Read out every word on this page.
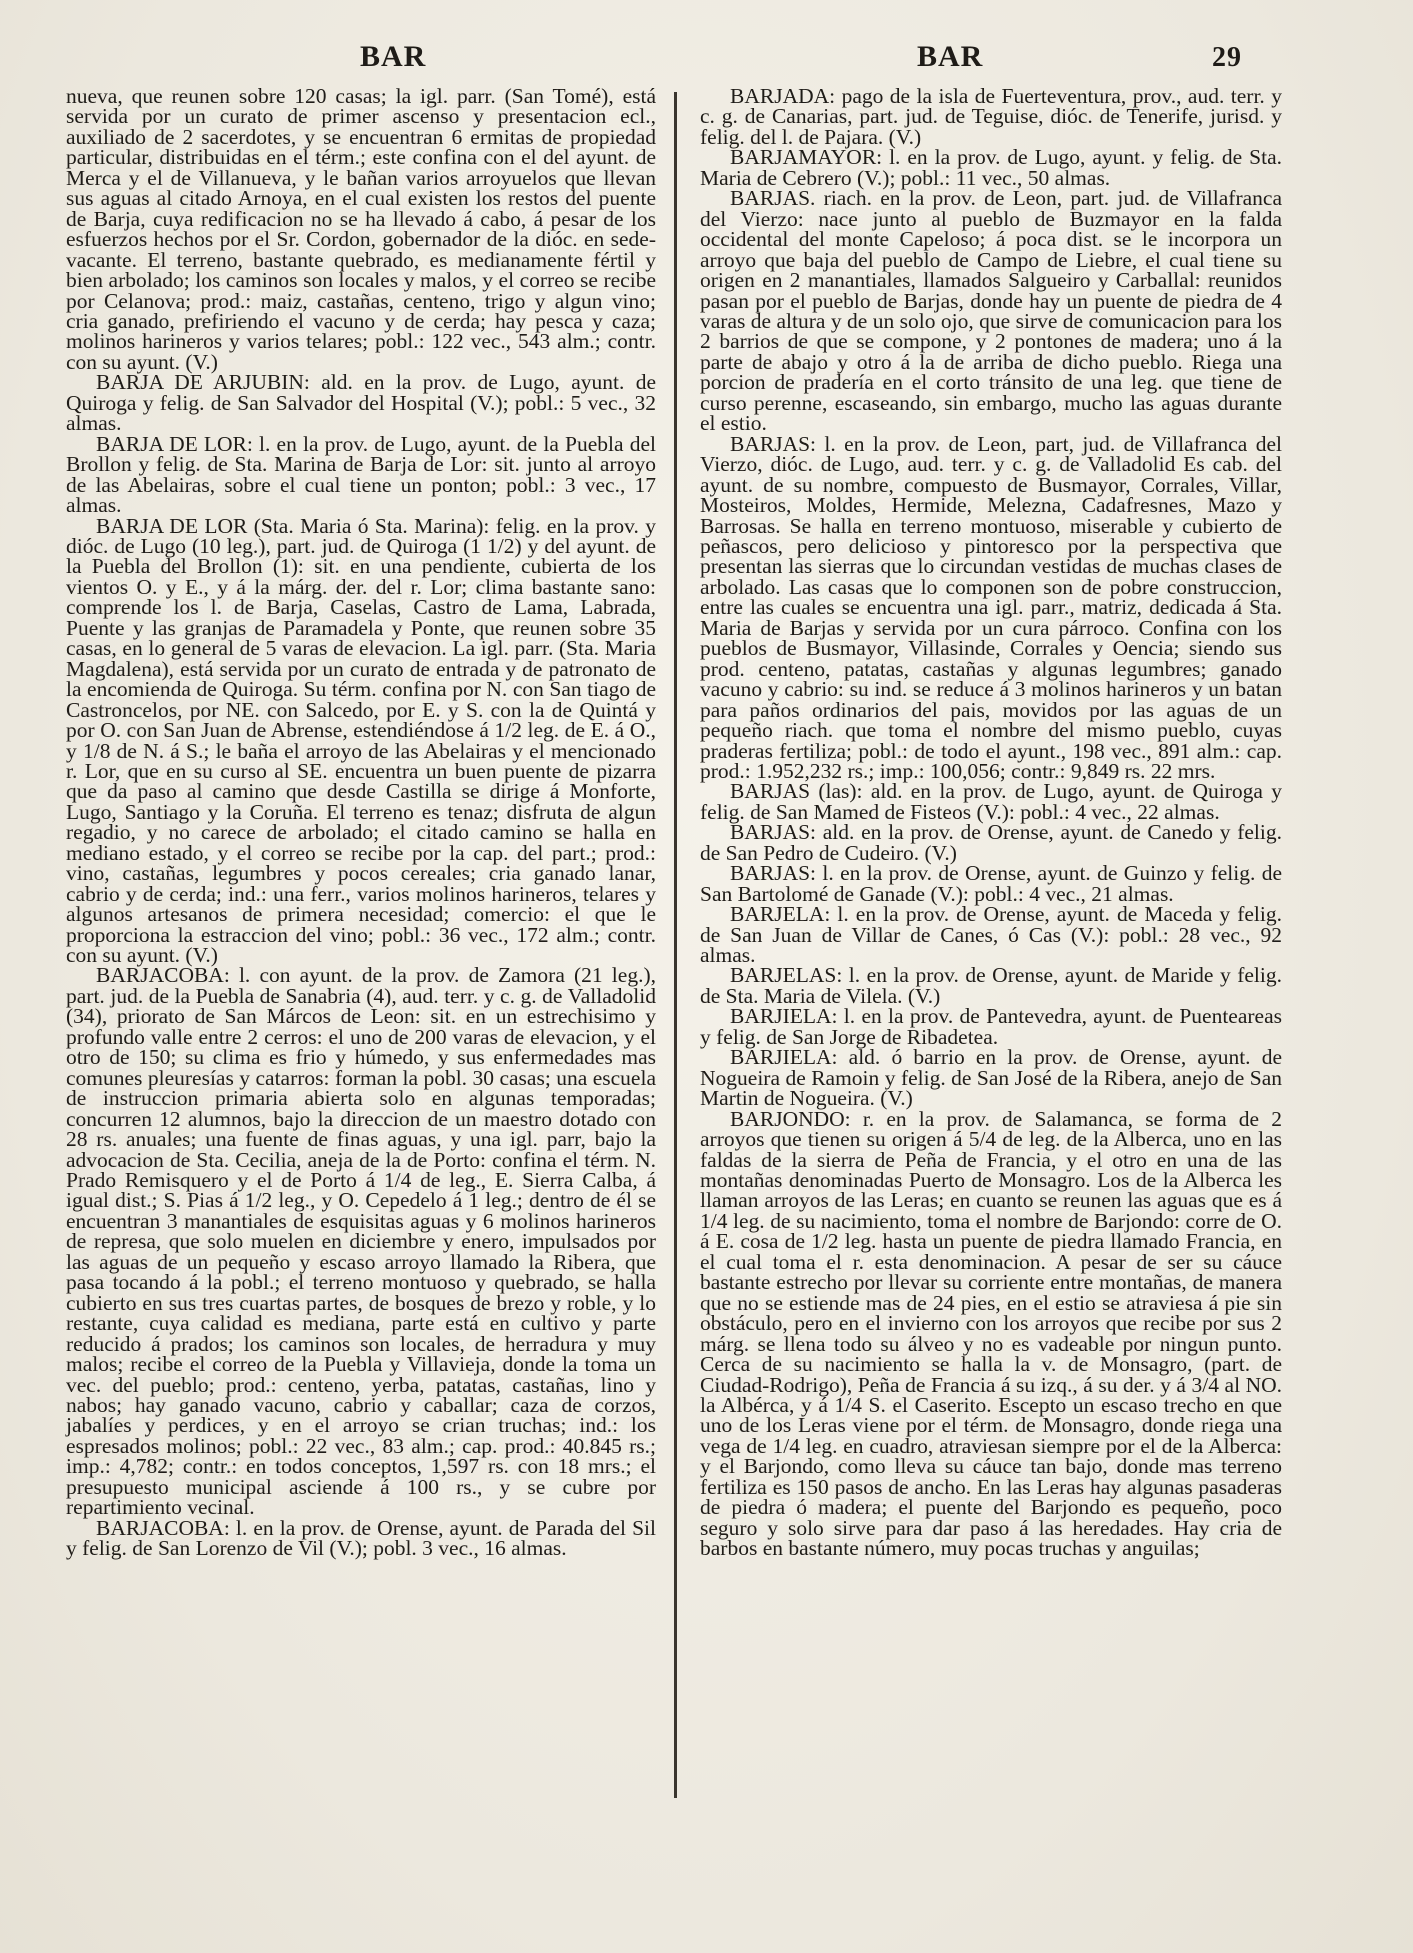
BAR	BAR	29

nueva, que reunen sobre 120 casas; la igl. parr. (San Tomé), está servida por un curato de primer ascenso y presentacion ecl., auxiliado de 2 sacerdotes, y se encuentran 6 ermitas de propiedad particular, distribuidas en el térm.; este confina con el del ayunt. de Merca y el de Villanueva, y le bañan varios arroyuelos que llevan sus aguas al citado Arnoya, en el cual existen los restos del puente de Barja, cuya redificacion no se ha llevado á cabo, á pesar de los esfuerzos hechos por el Sr. Cordon, gobernador de la dióc. en sede-vacante. El terreno, bastante quebrado, es medianamente fértil y bien arbolado; los caminos son locales y malos, y el correo se recibe por Celanova; prod.: maiz, castañas, centeno, trigo y algun vino; cria ganado, prefiriendo el vacuno y de cerda; hay pesca y caza; molinos harineros y varios telares; pobl.: 122 vec., 543 alm.; contr. con su ayunt. (V.)

BARJA DE ARJUBIN: ald. en la prov. de Lugo, ayunt. de Quiroga y felig. de San Salvador del Hospital (V.); pobl.: 5 vec., 32 almas.

BARJA DE LOR: l. en la prov. de Lugo, ayunt. de la Puebla del Brollon y felig. de Sta. Marina de Barja de Lor: sit. junto al arroyo de las Abelairas, sobre el cual tiene un ponton; pobl.: 3 vec., 17 almas.

BARJA DE LOR (Sta. Maria ó Sta. Marina): felig. en la prov. y dióc. de Lugo (10 leg.), part. jud. de Quiroga (1 1/2) y del ayunt. de la Puebla del Brollon (1): sit. en una pendiente, cubierta de los vientos O. y E., y á la márg. der. del r. Lor; clima bastante sano: comprende los l. de Barja, Caselas, Castro de Lama, Labrada, Puente y las granjas de Paramadela y Ponte, que reunen sobre 35 casas, en lo general de 5 varas de elevacion. La igl. parr. (Sta. Maria Magdalena), está servida por un curato de entrada y de patronato de la encomienda de Quiroga. Su térm. confina por N. con San tiago de Castroncelos, por NE. con Salcedo, por E. y S. con la de Quintá y por O. con San Juan de Abrense, estendiéndose á 1/2 leg. de E. á O., y 1/8 de N. á S.; le baña el arroyo de las Abelairas y el mencionado r. Lor, que en su curso al SE. encuentra un buen puente de pizarra que da paso al camino que desde Castilla se dirige á Monforte, Lugo, Santiago y la Coruña. El terreno es tenaz; disfruta de algun regadio, y no carece de arbolado; el citado camino se halla en mediano estado, y el correo se recibe por la cap. del part.; prod.: vino, castañas, legumbres y pocos cereales; cria ganado lanar, cabrio y de cerda; ind.: una ferr., varios molinos harineros, telares y algunos artesanos de primera necesidad; comercio: el que le proporciona la estraccion del vino; pobl.: 36 vec., 172 alm.; contr. con su ayunt. (V.)

BARJACOBA: l. con ayunt. de la prov. de Zamora (21 leg.), part. jud. de la Puebla de Sanabria (4), aud. terr. y c. g. de Valladolid (34), priorato de San Márcos de Leon: sit. en un estrechisimo y profundo valle entre 2 cerros: el uno de 200 varas de elevacion, y el otro de 150; su clima es frio y húmedo, y sus enfermedades mas comunes pleuresías y catarros: forman la pobl. 30 casas; una escuela de instruccion primaria abierta solo en algunas temporadas; concurren 12 alumnos, bajo la direccion de un maestro dotado con 28 rs. anuales; una fuente de finas aguas, y una igl. parr, bajo la advocacion de Sta. Cecilia, aneja de la de Porto: confina el térm. N. Prado Remisquero y el de Porto á 1/4 de leg., E. Sierra Calba, á igual dist.; S. Pias á 1/2 leg., y O. Cepedelo á 1 leg.; dentro de él se encuentran 3 manantiales de esquisitas aguas y 6 molinos harineros de represa, que solo muelen en diciembre y enero, impulsados por las aguas de un pequeño y escaso arroyo llamado la Ribera, que pasa tocando á la pobl.; el terreno montuoso y quebrado, se halla cubierto en sus tres cuartas partes, de bosques de brezo y roble, y lo restante, cuya calidad es mediana, parte está en cultivo y parte reducido á prados; los caminos son locales, de herradura y muy malos; recibe el correo de la Puebla y Villavieja, donde la toma un vec. del pueblo; prod.: centeno, yerba, patatas, castañas, lino y nabos; hay ganado vacuno, cabrio y caballar; caza de corzos, jabalíes y perdices, y en el arroyo se crian truchas; ind.: los espresados molinos; pobl.: 22 vec., 83 alm.; cap. prod.: 40.845 rs.; imp.: 4,782; contr.: en todos conceptos, 1,597 rs. con 18 mrs.; el presupuesto municipal asciende á 100 rs., y se cubre por repartimiento vecinal.

BARJACOBA: l. en la prov. de Orense, ayunt. de Parada del Sil y felig. de San Lorenzo de Vil (V.); pobl. 3 vec., 16 almas.

BARJADA: pago de la isla de Fuerteventura, prov., aud. terr. y c. g. de Canarias, part. jud. de Teguise, dióc. de Tenerife, jurisd. y felig. del l. de Pajara. (V.)

BARJAMAYOR: l. en la prov. de Lugo, ayunt. y felig. de Sta. Maria de Cebrero (V.); pobl.: 11 vec., 50 almas.

BARJAS. riach. en la prov. de Leon, part. jud. de Villafranca del Vierzo: nace junto al pueblo de Buzmayor en la falda occidental del monte Capeloso; á poca dist. se le incorpora un arroyo que baja del pueblo de Campo de Liebre, el cual tiene su origen en 2 manantiales, llamados Salgueiro y Carballal: reunidos pasan por el pueblo de Barjas, donde hay un puente de piedra de 4 varas de altura y de un solo ojo, que sirve de comunicacion para los 2 barrios de que se compone, y 2 pontones de madera; uno á la parte de abajo y otro á la de arriba de dicho pueblo. Riega una porcion de pradería en el corto tránsito de una leg. que tiene de curso perenne, escaseando, sin embargo, mucho las aguas durante el estio.

BARJAS: l. en la prov. de Leon, part, jud. de Villafranca del Vierzo, dióc. de Lugo, aud. terr. y c. g. de Valladolid Es cab. del ayunt. de su nombre, compuesto de Busmayor, Corrales, Villar, Mosteiros, Moldes, Hermide, Melezna, Cadafresnes, Mazo y Barrosas. Se halla en terreno montuoso, miserable y cubierto de peñascos, pero delicioso y pintoresco por la perspectiva que presentan las sierras que lo circundan vestidas de muchas clases de arbolado. Las casas que lo componen son de pobre construccion, entre las cuales se encuentra una igl. parr., matriz, dedicada á Sta. Maria de Barjas y servida por un cura párroco. Confina con los pueblos de Busmayor, Villasinde, Corrales y Oencia; siendo sus prod. centeno, patatas, castañas y algunas legumbres; ganado vacuno y cabrio: su ind. se reduce á 3 molinos harineros y un batan para paños ordinarios del pais, movidos por las aguas de un pequeño riach. que toma el nombre del mismo pueblo, cuyas praderas fertiliza; pobl.: de todo el ayunt., 198 vec., 891 alm.: cap. prod.: 1.952,232 rs.; imp.: 100,056; contr.: 9,849 rs. 22 mrs.

BARJAS (las): ald. en la prov. de Lugo, ayunt. de Quiroga y felig. de San Mamed de Fisteos (V.): pobl.: 4 vec., 22 almas.

BARJAS: ald. en la prov. de Orense, ayunt. de Canedo y felig. de San Pedro de Cudeiro. (V.)

BARJAS: l. en la prov. de Orense, ayunt. de Guinzo y felig. de San Bartolomé de Ganade (V.): pobl.: 4 vec., 21 almas.

BARJELA: l. en la prov. de Orense, ayunt. de Maceda y felig. de San Juan de Villar de Canes, ó Cas (V.): pobl.: 28 vec., 92 almas.

BARJELAS: l. en la prov. de Orense, ayunt. de Maride y felig. de Sta. Maria de Vilela. (V.)

BARJIELA: l. en la prov. de Pantevedra, ayunt. de Puenteareas y felig. de San Jorge de Ribadetea.

BARJIELA: ald. ó barrio en la prov. de Orense, ayunt. de Nogueira de Ramoin y felig. de San José de la Ribera, anejo de San Martin de Nogueira. (V.)

BARJONDO: r. en la prov. de Salamanca, se forma de 2 arroyos que tienen su origen á 5/4 de leg. de la Alberca, uno en las faldas de la sierra de Peña de Francia, y el otro en una de las montañas denominadas Puerto de Monsagro. Los de la Alberca les llaman arroyos de las Leras; en cuanto se reunen las aguas que es á 1/4 leg. de su nacimiento, toma el nombre de Barjondo: corre de O. á E. cosa de 1/2 leg. hasta un puente de piedra llamado Francia, en el cual toma el r. esta denominacion. A pesar de ser su cáuce bastante estrecho por llevar su corriente entre montañas, de manera que no se estiende mas de 24 pies, en el estio se atraviesa á pie sin obstáculo, pero en el invierno con los arroyos que recibe por sus 2 márg. se llena todo su álveo y no es vadeable por ningun punto. Cerca de su nacimiento se halla la v. de Monsagro, (part. de Ciudad-Rodrigo), Peña de Francia á su izq., á su der. y á 3/4 al NO. la Albérca, y á 1/4 S. el Caserito. Escepto un escaso trecho en que uno de los Leras viene por el térm. de Monsagro, donde riega una vega de 1/4 leg. en cuadro, atraviesan siempre por el de la Alberca: y el Barjondo, como lleva su cáuce tan bajo, donde mas terreno fertiliza es 150 pasos de ancho. En las Leras hay algunas pasaderas de piedra ó madera; el puente del Barjondo es pequeño, poco seguro y solo sirve para dar paso á las heredades. Hay cria de barbos en bastante número, muy pocas truchas y anguilas;
